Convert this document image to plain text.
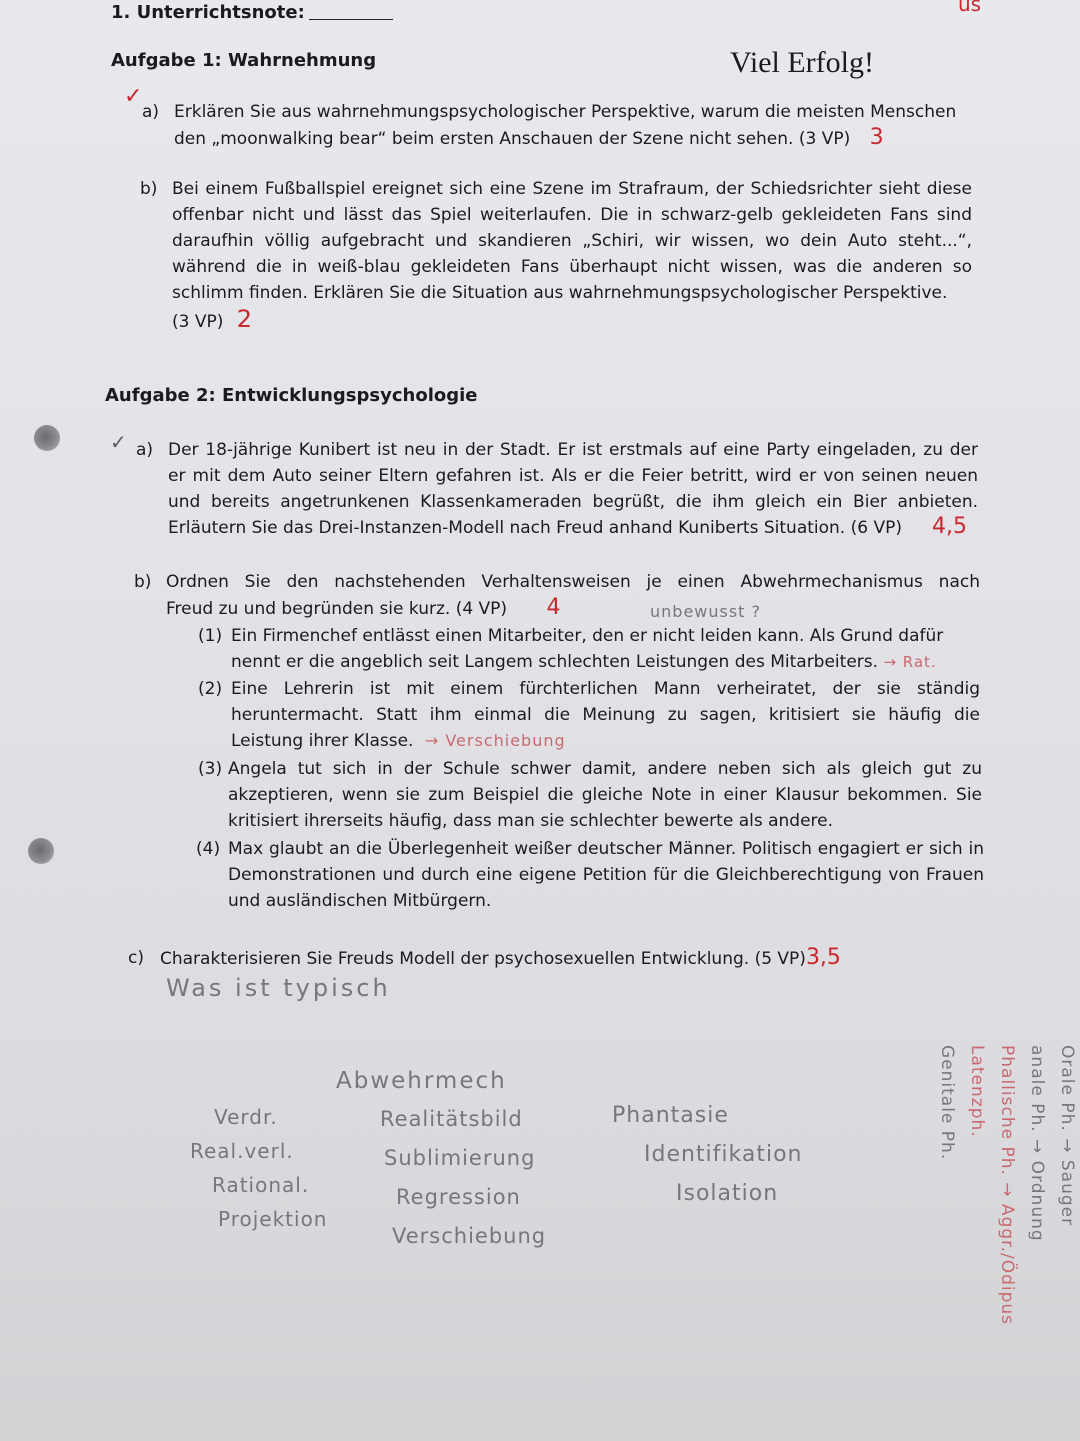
1. Unterrichtsnote:	us
Aufgabe 1: Wahrnehmung	Viel Erfolg!
✓
a) Erklären Sie aus wahrnehmungspsychologischer Perspektive, warum die meisten Menschen
den „moonwalking bear“ beim ersten Anschauen der Szene nicht sehen. (3 VP) 3
b) Bei einem Fußballspiel ereignet sich eine Szene im Strafraum, der Schiedsrichter sieht diese offenbar nicht und lässt das Spiel weiterlaufen. Die in schwarz-gelb gekleideten Fans sind daraufhin völlig aufgebracht und skandieren „Schiri, wir wissen, wo dein Auto steht...“, während die in weiß-blau gekleideten Fans überhaupt nicht wissen, was die anderen so schlimm finden. Erklären Sie die Situation aus wahrnehmungspsychologischer Perspektive.
(3 VP) 2
Aufgabe 2: Entwicklungspsychologie
✓ a) Der 18-jährige Kunibert ist neu in der Stadt. Er ist erstmals auf eine Party eingeladen, zu der er mit dem Auto seiner Eltern gefahren ist. Als er die Feier betritt, wird er von seinen neuen und bereits angetrunkenen Klassenkameraden begrüßt, die ihm gleich ein Bier anbieten. Erläutern Sie das Drei-Instanzen-Modell nach Freud anhand Kuniberts Situation. (6 VP)	4,5
b) Ordnen Sie den nachstehenden Verhaltensweisen je einen Abwehrmechanismus nach
Freud zu und begründen sie kurz. (4 VP) 4	unbewusst ?
(1) Ein Firmenchef entlässt einen Mitarbeiter, den er nicht leiden kann. Als Grund dafür nennt er die angeblich seit Langem schlechten Leistungen des Mitarbeiters. → Rat.
(2) Eine Lehrerin ist mit einem fürchterlichen Mann verheiratet, der sie ständig heruntermacht. Statt ihm einmal die Meinung zu sagen, kritisiert sie häufig die Leistung ihrer Klasse. → Verschiebung
(3) Angela tut sich in der Schule schwer damit, andere neben sich als gleich gut zu akzeptieren, wenn sie zum Beispiel die gleiche Note in einer Klausur bekommen. Sie kritisiert ihrerseits häufig, dass man sie schlechter bewerte als andere.
(4) Max glaubt an die Überlegenheit weißer deutscher Männer. Politisch engagiert er sich in Demonstrationen und durch eine eigene Petition für die Gleichberechtigung von Frauen und ausländischen Mitbürgern.
c) Charakterisieren Sie Freuds Modell der psychosexuellen Entwicklung. (5 VP)3,5
Was ist typisch
Abwehrmech
Verdr.
Real.verl.
Rational.
Projektion
Realitätsbild
Sublimierung
Regression
Verschiebung
Phantasie
Identifikation
Isolation	Orale Ph. → Sauger
anale Ph. → Ordnung
Phallische Ph. → Aggr./Ödipus
Latenzph.
Genitale Ph.
